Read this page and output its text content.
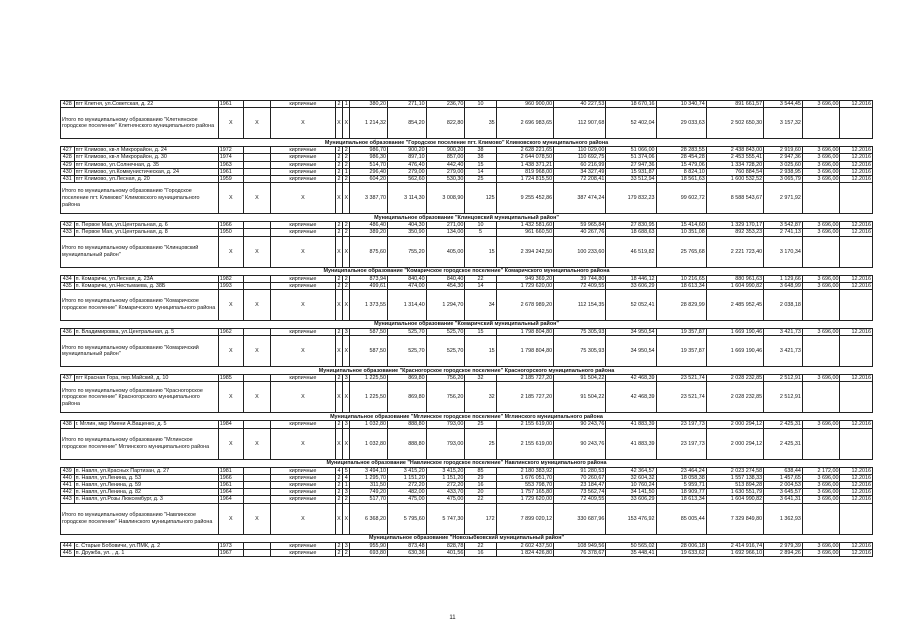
428	пгт Клетня, ул.Советская, д. 22	1961		кирпичные	2	1	380,20	271,10	236,70	10	960 900,00	40 227,53	18 670,16	10 340,74	891 661,57	3 544,45	3 696,00	12.2016
Итого по муниципальному образованию "Клетнянское городское поселение" Клетнянского муниципального района		X	X	X	X	X	1 214,32	854,20	822,80	35	2 696 983,65	112 907,68	52 402,04	29 033,63	2 502 650,30	3 157,32		
Муниципальное образование "Городское поселение пгт. Климово" Климовского муниципального района																		
427	пгт Климово, кв-л Микрорайон, д. 24	1972		кирпичные	2	2	986,70	900,20	900,20	38	2 628 221,65	110 029,00	51 066,00	28 283,55	2 438 843,00	2 919,60	3 696,00	12.2016
428	пгт Климово, кв-л Микрорайон, д. 30	1974		кирпичные	2	2	986,30	897,10	857,00	38	2 644 078,50	110 692,75	51 374,06	28 454,28	2 453 555,41	2 947,36	3 696,00	12.2016
429	пгт Климово, ул.Солнечная, д. 35	1963		кирпичные	2	2	514,70	476,40	442,40	15	1 438 371,21	60 216,99	27 947,36	15 479,06	1 334 728,20	3 025,60	3 696,00	12.2016
430	пгт Климово, ул.Коммунистическая, д. 24	1961		кирпичные	2	1	296,40	279,00	279,00	14	819 968,00	34 327,49	15 931,87	8 824,10	760 884,54	2 938,95	3 696,00	12.2016
431	пгт Климово, ул.Лесная, д. 20	1959		кирпичные	2	2	604,20	562,60	530,30	25	1 724 815,50	72 208,41	33 512,94	18 561,63	1 600 532,52	3 065,79	3 696,00	12.2016
Итого по муниципальному образованию "Городское поселение пгт. Климово" Климовского муниципального района		X	X	X	X	X	3 387,70	3 114,30	3 008,90	125	9 255 452,86	387 474,24	179 832,23	99 602,72	8 588 543,67	2 971,92		
Муниципальное образование "Клинцовский муниципальный район"																		
432	п. Первое Мая, ул.Центральная, д. 6	1966		кирпичные	2	2	486,40	404,30	271,00	10	1 432 581,60	59 965,84	27 830,95	15 414,60	1 329 170,17	3 542,87	3 696,00	12.2016
433	п. Первое Мая, ул.Центральная, д. 8	1950		кирпичные	2	2	389,20	350,90	134,00	5	961 660,50	40 267,76	18 688,63	10 351,08	892 353,23	2 741,13	3 696,00	12.2016
Итого по муниципальному образованию "Клинцовский муниципальный район"		X	X	X	X	X	875,60	755,20	405,00	15	2 394 242,50	100 233,60	46 519,82	25 765,68	2 221 723,40	3 170,34		
Муниципальное образование "Комаричское городское поселение" Комаричского муниципального района																		
434	п. Комаричи, ул.Лесная, д. 23А	1982		кирпичные	2	2	873,94	840,40	840,40	22	949 369,20	39 744,80	18 446,12	10 216,65	880 961,63	1 129,66	3 696,00	12.2016
435	п. Комаричи, ул.Нестьмаева, д. 38Б	1993		кирпичные	2	2	499,61	474,00	454,30	14	1 729 620,00	72 409,55	33 606,29	18 613,34	1 604 990,82	3 648,99	3 696,00	12.2016
Итого по муниципальному образованию "Комаричское городское поселение" Комаричского муниципального района		X	X	X	X	X	1 373,55	1 314,40	1 294,70	34	2 678 989,20	112 154,35	52 052,41	28 829,99	2 485 952,45	2 038,18		
Муниципальное образование "Комаричский муниципальный район"																		
436	п. Владимировка, ул.Центральная, д. 5	1962		кирпичные	2	3	587,50	525,70	525,70	15	1 798 804,80	75 305,93	34 950,54	19 357,87	1 669 190,46	3 421,73	3 696,00	12.2016
Итого по муниципальному образованию "Комаричский муниципальный район"		X	X	X	X	X	587,50	525,70	525,70	15	1 798 804,80	75 305,93	34 950,54	19 357,87	1 669 190,46	3 421,73		
Муниципальное образование "Красногорское городское поселение" Красногорского муниципального района																		
437	пгт Красная Гора, пер.Майский, д. 10	1985		кирпичные	2	3	1 225,50	869,80	756,20	32	2 185 727,20	91 504,22	42 468,39	23 521,74	2 028 232,85	2 512,91	3 696,00	12.2016
Итого по муниципальному образованию "Красногорское городское поселение" Красногорского муниципального района		X	X	X	X	X	1 225,50	869,80	756,20	32	2 185 727,20	91 504,22	42 468,39	23 521,74	2 028 232,85	2 512,91		
Муниципальное образование "Мглинское городское поселение" Мглинского муниципального района																		
438	г. Мглин, мкр Имени А.Ващенко, д. 5	1984		кирпичные	2	3	1 032,80	888,80	793,00	25	2 155 619,00	90 243,76	41 883,39	23 197,73	2 000 294,12	2 425,31	3 696,00	12.2016
Итого по муниципальному образованию "Мглинское городское поселение" Мглинского муниципального района		X	X	X	X	X	1 032,80	888,80	793,00	25	2 155 619,00	90 243,76	41 883,39	23 197,73	2 000 294,12	2 425,31		
Муниципальное образование "Навлинское городское поселение" Навлинского муниципального района																		
439	п. Навля, ул.Красных Партизан, д. 27	1981		кирпичные	4	5	3 494,10	3 415,20	3 415,20	85	2 180 383,92	91 280,53	42 364,57	23 464,24	2 023 274,58	638,44	2 172,00	12.2016
440	п. Навля, ул.Ленина, д. 53	1966		кирпичные	2	4	1 295,70	1 151,20	1 151,20	29	1 676 051,70	70 260,67	32 604,32	18 058,38	1 557 138,33	1 457,65	3 696,00	12.2016
441	п. Навля, ул.Ленина, д. 59	1961		кирпичные	2	1	311,50	272,20	272,20	16	553 798,70	23 184,47	10 760,24	5 959,71	513 894,28	2 004,53	3 696,00	12.2016
442	п. Навля, ул.Ленина, д. 82	1964		кирпичные	2	3	749,20	482,00	433,70	20	1 757 165,80	73 562,74	34 141,50	18 909,77	1 630 551,79	3 645,57	3 696,00	12.2016
443	п. Навля, ул.Розы Люксембург, д. 3	1964		кирпичные	2	2	517,70	475,00	475,00	22	1 729 620,00	72 409,55	33 606,29	18 613,34	1 604 990,82	3 641,31	3 696,00	12.2016
Итого по муниципальному образованию "Навлинское городское поселение" Навлинского муниципального района		X	X	X	X	X	6 368,20	5 795,60	5 747,30	172	7 899 020,12	330 687,96	153 476,92	85 005,44	7 329 849,80	1 362,93		
Муниципальное образование "Новозыбковский муниципальный район"																		
444	с. Старые Бобовичи, ул.ПМК, д. 2	1973		кирпичные	2	3	955,90	873,48	828,78	22	2 602 437,50	108 949,56	50 565,02	28 006,18	2 414 916,74	2 979,39	3 696,00	12.2016
445	п. Дружба, ул. , д. 1	1967		кирпичные	2	2	693,80	630,36	401,56	16	1 824 426,80	76 378,67	35 448,41	19 633,62	1 692 966,10	2 894,26	3 696,00	12.2016
11
